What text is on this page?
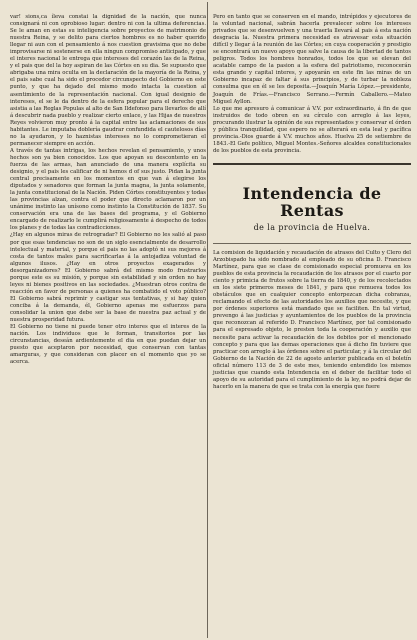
var! sions,ca íleva constai la dignidad de la nación, que nunca consignará ni con oprobioso lugar: dentro ni con la ultima deferencias. Se le aman en estas su inteligencia sobre proyectos de matrimonio de nuestra Reina, y se delito para ciertos hombres es no haber querido llegar ni aun con el pensamiento á nos cuestion gravisima que no debe improvisarse ni sostenerse en ella ningun compromiso anticipado, y que el interes nacional le entrega que intereses del corazón las de la Reina, y el pais que del la hoy aspiran de las Córtes en su dia. Se supuesto que abrigaba una mira oculta en la declaración de la mayoría de la Reina, y el pais sabe cual ha sido el procedor circunspecto del Gobierno en este punto, y que ha dejado del mismo modo intacta la cuestion al asentimiento de la representación nacional. Con igual designio de intereses, el se le da dentro de la esfera popular para el derecho que asistia a las Reglas Populas al alto de San Ildefonso para llevarlos de allí á descubrir nada pueblo y realizar cierto enlace, y las Hijas de nuestros Reyes volvieron muy pronto á la capital entre las aclamaciones de sus habitantes. Le imputaba doblería gaudrar confundida el cautelosos días no la ayudaron, y lo haznistas intereses no lo comprometieran el permanecer siempre en acción.

A través de tantas intrigas, los hechos revelan el pensamiento, y unos hechos son ya bien conocidos. Los que apoyan su descontento en la fuerza de las armas, han anunciado de una manera explícita su designio, y el pais les calificar de ni hemos d of sus justo. Pidan la junta central precisamente en los momentos en que van á elegirse los diputados y senadores que forman la junta magna, la junta solamente, la junta constitucional de la Nación. Piden Córtes constituyentes y todas las provincias alzan, contra el poder que directo aclamaron por un unánime instinto las unísono como instinto la Constitución de 1837. Su conservación era una de las bases del programa, y el Gobierno encargado de realizarlo le cumplirá religiosamente á despecho de todos los planes y de todas las contradicciones.

¿Hay en algunos miras de retrogradar? El Gobierno no les salió al paso por que esas tendencias no son de un siglo esencialmente de desarrollo intelectual y material, y porque el pais no las adoptó ni sus mejores á costa de tantos males para sacrificarlas á la antojadiza voluntad de algunos ilusos. ¿Hay en otros proyectos exagerados y desorganizadores? El Gobierno sabrá del mismo modo frustrarlos porque este es su misión, y porque sin estabilidad y sin orden no hay leyes ni bienes positivos en las sociedades. ¿Muestran otros contra de reacción en favor de personas a quienes ha combatido el voto público? El Gobierno sabrá reprimir y castigar sus tentativas, y si hay quien conciba á la demanda, él, Gobierno apenas me esfuerzos para consolidar la union que debe ser la base de nuestra paz actual y de nuestra prosperidad futura.

El Gobierno no tiene ni puede tener otro interes que el interes de la nación. Los individuos que le forman, transitorios por las circunstancias, deseán ardientemente el dia en que puedan dejar un puesto que aceptaron por necesidad, que conservan con tantas amarguras, y que consideran con placer en el momento que yo se acerca.

Pero en tanto que se conserven en el mando, intrépidos y ejecutores de la voluntad nacional, sabrán hacerla prevalecer sobre los intereses privados que se desenvuelven y una traerla llevará al pais á esta nación desgracia la. Nuestra primera necesidad es atravesar esta situación difícil y llegar á la reunión de las Córtes; en cuya cooperación y prestigio se encontrará un nuevo apoyo que salve la causa de la libertad de tantos peligros. Todos los hombres honrados, todos los que se elevan del acatable campo de la pasion a la esfera del patriotismo, reconocerán esta grande y capital interes, y apoyarán en este fin las miras de un Gobierno incapaz de faltar á sus principios, y de turbar la nobleza consulma que en él se les deposita.—Joaquín María López.—presidente, Joaquín de Frías.—Francisco Serrano.—Fermín Caballero.—Mateo Miguel Ayllon.

Lo que me apresuro á comunicar á V.V. por extraordinario, á fin de que instruidos de todo obren en su círculo con arreglo á las leyes, procurando ilustrar la opinión de sus representados y conservar el órden y pública tranquilidad, que espero no se alterará en esta leal y pacífica provincia.-Dios guarde á V.V. muchos años. Huelva 25 de setiembre de 1843.-El Gefe político, Miguel Montes.-Señores alcaldes constitucionales de los pueblos de esta provincia.

Intendencia de Rentas
de la provincia de Huelva.

La comision de liquidación y recaudación de atrasos del Culto y Clero del Arzobispado ha sido nombrado al empleado de su oficina D. Francisco Martínez, para que se clase de comisionado especial promueva en los pueblos de esta provincia la recaudación de los atrasos por el cuarto por ciento y primicia de frutos sobre la tierra de 1840, y de los recolectados en los siete primeros meses de 1841, y para que remueva todos los obstáculos que en cualquier concepto entorpezcan dicha cobranza, reclamando el efecto de las autoridades los auxilios que necesite, y que por órdenes superiores está mandado que se faciliten. En tal virtud, prevengo á las justicias y ayuntamientos de los pueblos de la provincia que reconozcan al referido D. Francisco Martínez, por tal comisionado para el espresado objeto, le presten toda la cooperación y auxilio que necesite para activar la recaudación de los debitos por el mencionado concepto y para que las demas operaciones que á dicho fin tuviere que practicar con arreglo á las órdenes sobre el particular, y á la circular del Gobierno de la Nación de 22 de agosto anterior publicada en el boletín oficial número 113 de 3 de este mes, teniendo entendido los mismos justicias que cuando esta Intendencia en el deber de facilitar todo el apoyo de su autoridad para el cumplimiento de la ley, no podrá dejar de hacerlo en la manera de que se trata con la energía que fuere
